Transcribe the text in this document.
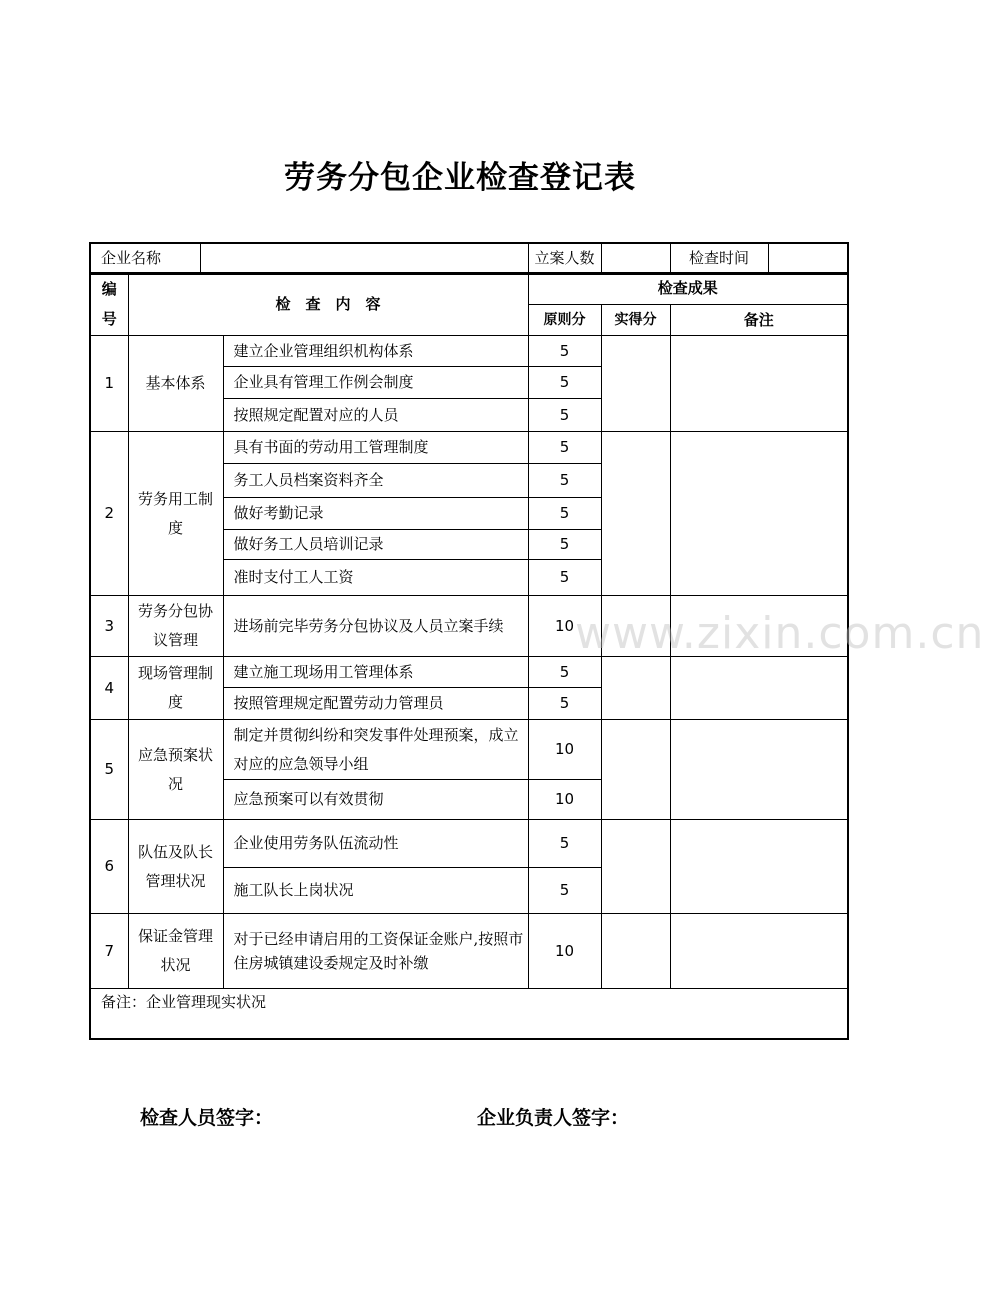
劳务分包企业检查登记表
企业名称		立案人数		检查时间	
编号	检　查　内　容		检查成果		
			原则分	实得分	备注
1	基本体系	建立企业管理组织机构体系	5		
		企业具有管理工作例会制度	5		
		按照规定配置对应的人员	5		
2	劳务用工制度	具有书面的劳动用工管理制度	5		
		务工人员档案资料齐全	5		
		做好考勤记录	5		
		做好务工人员培训记录	5		
		准时支付工人工资	5		
3	劳务分包协议管理	进场前完毕劳务分包协议及人员立案手续	10		
4	现场管理制度	建立施工现场用工管理体系	5		
		按照管理规定配置劳动力管理员	5		
5	应急预案状况	制定并贯彻纠纷和突发事件处理预案，成立对应的应急领导小组	10		
		应急预案可以有效贯彻	10		
6	队伍及队长管理状况	企业使用劳务队伍流动性	5		
		施工队长上岗状况	5		
7	保证金管理状况	对于已经申请启用的工资保证金账户,按照市住房城镇建设委规定及时补缴	10		
备注：企业管理现实状况					
www.zixin.com.cn
检查人员签字：	企业负责人签字：
